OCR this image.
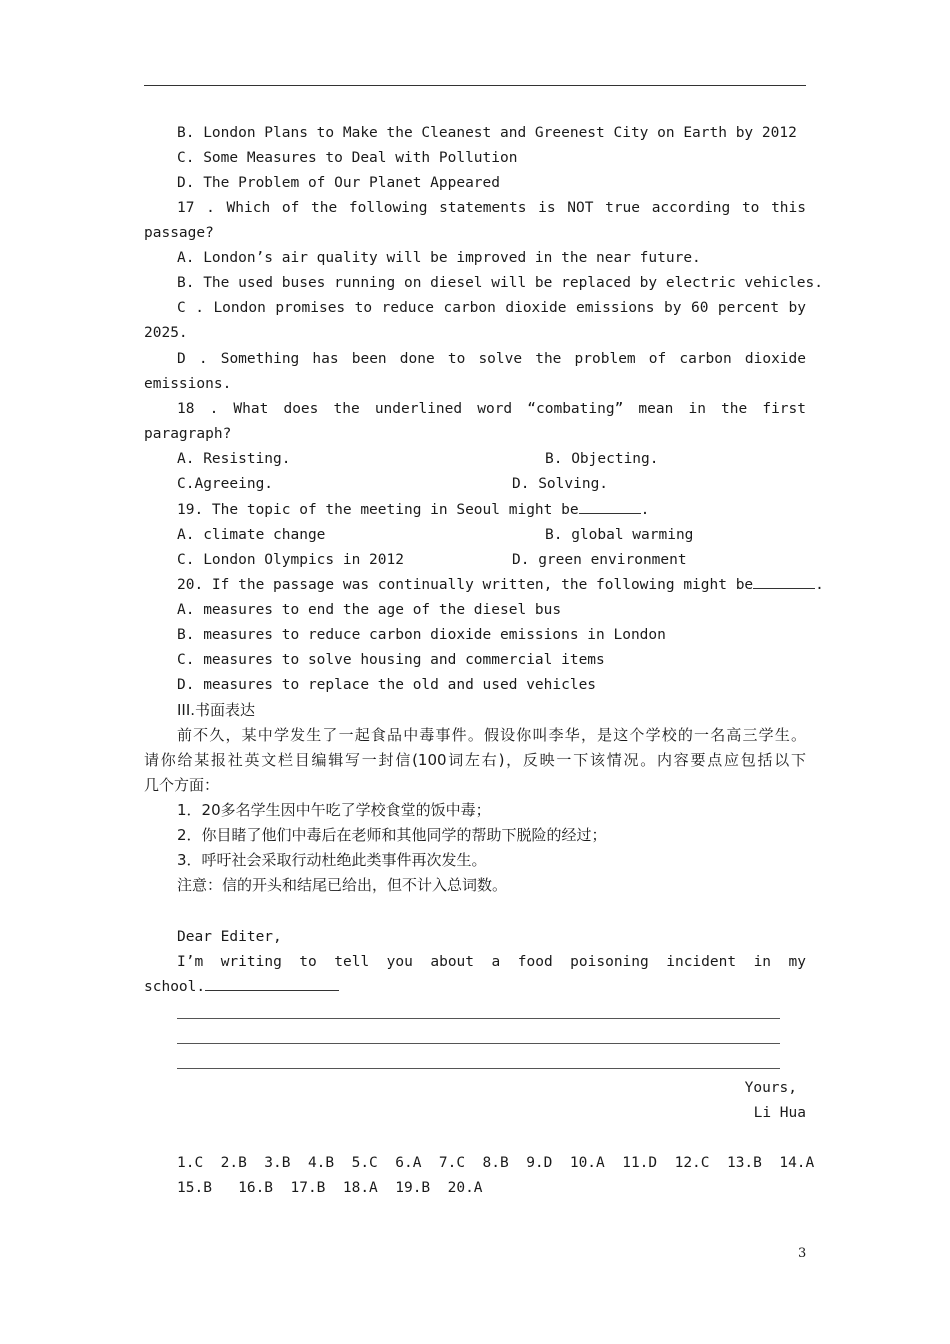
B. London Plans to Make the Cleanest and Greenest City on Earth by 2012
C. Some Measures to Deal with Pollution
D. The Problem of Our Planet Appeared
17 . Which of the following statements is NOT true according to this
passage?
A. London’s air quality will be improved in the near future.
B. The used buses running on diesel will be replaced by electric vehicles.
C . London promises to reduce carbon dioxide emissions by 60 percent by
2025.
D . Something has been done to solve the problem of carbon dioxide
emissions.
18 . What does the underlined word “combating” mean in the first
paragraph?
A. Resisting.	B. Objecting.
C.Agreeing.	D. Solving.
19. The topic of the meeting in Seoul might be	.
A. climate change	B. global warming
C. London Olympics in 2012	D. green environment
20. If the passage was continually written, the following might be	.
A. measures to end the age of the diesel bus
B. measures to reduce carbon dioxide emissions in London
C. measures to solve housing and commercial items
D. measures to replace the old and used vehicles
III.书面表达
前不久，某中学发生了一起食品中毒事件。假设你叫李华，是这个学校的一名高三学生。
请你给某报社英文栏目编辑写一封信(100词左右)，反映一下该情况。内容要点应包括以下
几个方面：
1．20多名学生因中午吃了学校食堂的饭中毒；
2．你目睹了他们中毒后在老师和其他同学的帮助下脱险的经过；
3．呼吁社会采取行动杜绝此类事件再次发生。
注意：信的开头和结尾已给出，但不计入总词数。
Dear Editer,
I’m writing to tell you about a food poisoning incident in my
school.
Yours,
Li Hua
1.C  2.B  3.B  4.B  5.C  6.A  7.C  8.B  9.D  10.A  11.D  12.C  13.B  14.A
15.B   16.B  17.B  18.A  19.B  20.A
3
